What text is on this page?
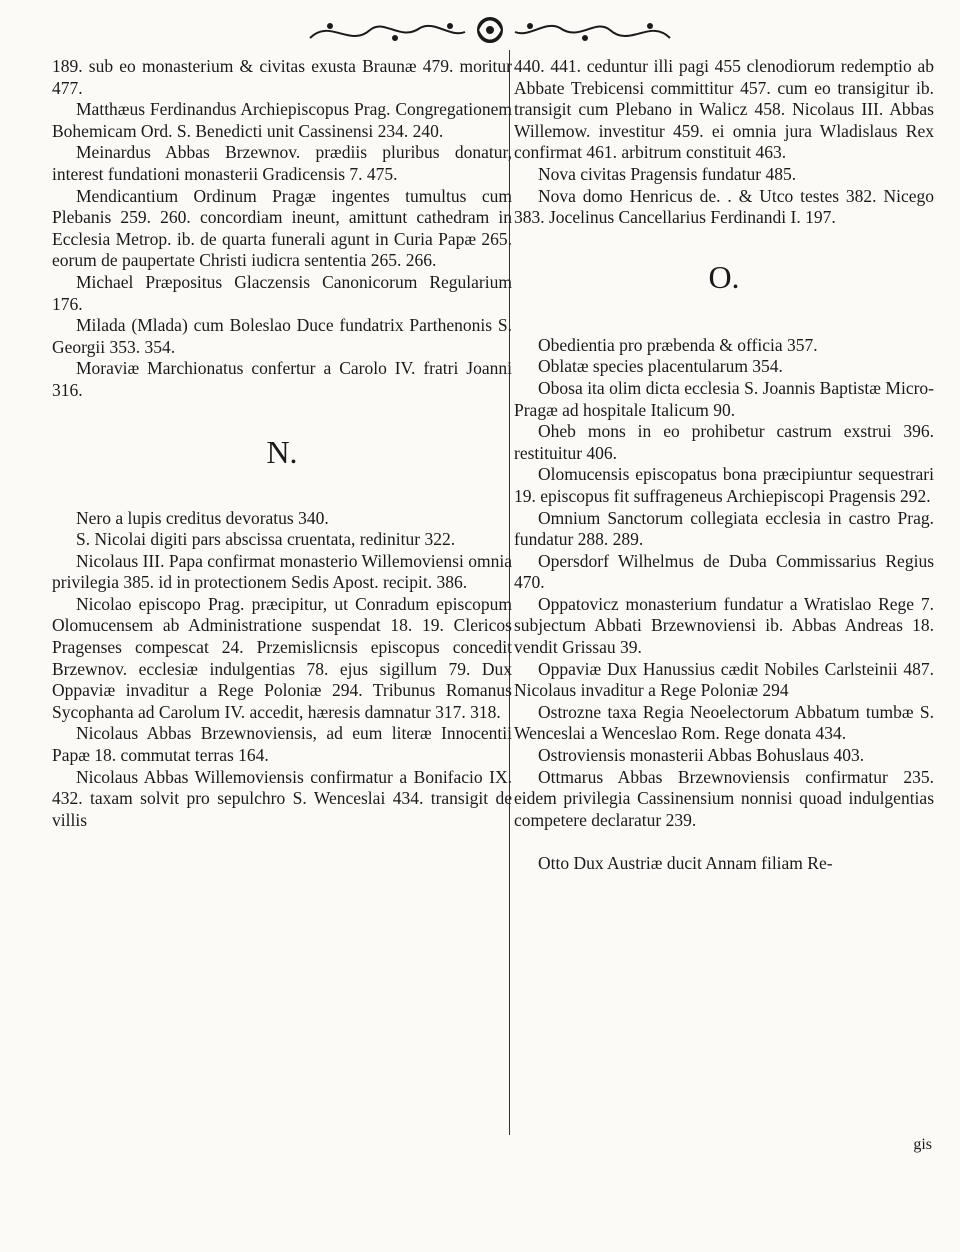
189. sub eo monasterium & civitas exusta Braunæ 479. moritur 477.

Matthæus Ferdinandus Archiepiscopus Prag. Congregationem Bohemicam Ord. S. Benedicti unit Cassinensi 234. 240.

Meinardus Abbas Brzewnov. prædiis pluribus donatur, interest fundationi monasterii Gradicensis 7. 475.

Mendicantium Ordinum Pragæ ingentes tumultus cum Plebanis 259. 260. concordiam ineunt, amittunt cathedram in Ecclesia Metrop. ib. de quarta funerali agunt in Curia Papæ 265. eorum de paupertate Christi iudicra sententia 265. 266.

Michael Præpositus Glaczensis Canonicorum Regularium 176.

Milada (Mlada) cum Boleslao Duce fundatrix Parthenonis S. Georgii 353. 354.

Moraviæ Marchionatus confertur a Carolo IV. fratri Joanni 316.

N.

Nero a lupis creditus devoratus 340.

S. Nicolai digiti pars abscissa cruentata, redinitur 322.

Nicolaus III. Papa confirmat monasterio Willemoviensi omnia privilegia 385. id in protectionem Sedis Apost. recipit. 386.

Nicolao episcopo Prag. præcipitur, ut Conradum episcopum Olomucensem ab Administratione suspendat 18. 19. Clericos Pragenses compescat 24. Przemislicnsis episcopus concedit Brzewnov. ecclesiæ indulgentias 78. ejus sigillum 79. Dux Oppaviæ invaditur a Rege Poloniæ 294. Tribunus Romanus Sycophanta ad Carolum IV. accedit, hæresis damnatur 317. 318.

Nicolaus Abbas Brzewnoviensis, ad eum literæ Innocentii Papæ 18. commutat terras 164.

Nicolaus Abbas Willemoviensis confirmatur a Bonifacio IX. 432. taxam solvit pro sepulchro S. Wenceslai 434. transigit de villis

440. 441. ceduntur illi pagi 455 clenodiorum redemptio ab Abbate Trebicensi committitur 457. cum eo transigitur ib. transigit cum Plebano in Walicz 458. Nicolaus III. Abbas Willemow. investitur 459. ei omnia jura Wladislaus Rex confirmat 461. arbitrum constituit 463.

Nova civitas Pragensis fundatur 485.

Nova domo Henricus de. . & Utco testes 382. Nicego 383. Jocelinus Cancellarius Ferdinandi I. 197.

O.

Obedientia pro præbenda & officia 357.

Oblatæ species placentularum 354.

Obosa ita olim dicta ecclesia S. Joannis Baptistæ Micro-Pragæ ad hospitale Italicum 90.

Oheb mons in eo prohibetur castrum exstrui 396. restituitur 406.

Olomucensis episcopatus bona præcipiuntur sequestrari 19. episcopus fit suffrageneus Archiepiscopi Pragensis 292.

Omnium Sanctorum collegiata ecclesia in castro Prag. fundatur 288. 289.

Opersdorf Wilhelmus de Duba Commissarius Regius 470.

Oppatovicz monasterium fundatur a Wratislao Rege 7. subjectum Abbati Brzewnoviensi ib. Abbas Andreas 18. vendit Grissau 39.

Oppaviæ Dux Hanussius cædit Nobiles Carlsteinii 487. Nicolaus invaditur a Rege Poloniæ 294

Ostrozne taxa Regia Neoelectorum Abbatum tumbæ S. Wenceslai a Wenceslao Rom. Rege donata 434.

Ostroviensis monasterii Abbas Bohuslaus 403.

Ottmarus Abbas Brzewnoviensis confirmatur 235. eidem privilegia Cassinensium nonnisi quoad indulgentias competere declaratur 239.

Otto Dux Austriæ ducit Annam filiam Re-

gis
